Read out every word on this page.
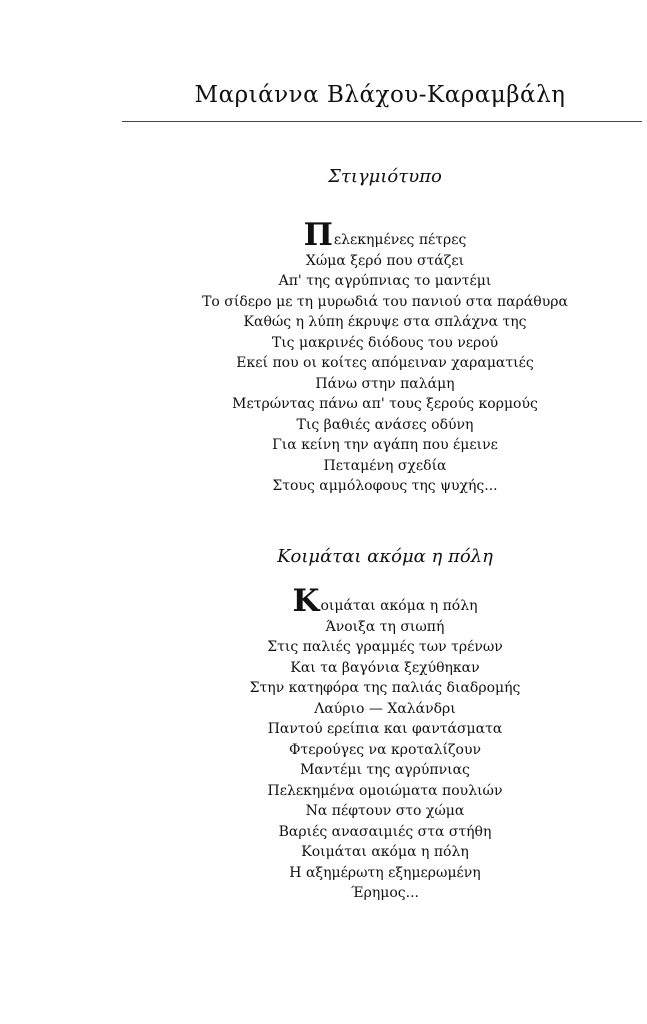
Μαριάννα Βλάχου-Καραμβάλη
Στιγμιότυπο
Πελεκημένες πέτρες
Χώμα ξερό που στάζει
Απ' της αγρύπνιας το μαντέμι
Το σίδερο με τη μυρωδιά του πανιού στα παράθυρα
Καθώς η λύπη έκρυψε στα σπλάχνα της
Τις μακρινές διόδους του νερού
Εκεί που οι κοίτες απόμειναν χαραματιές
Πάνω στην παλάμη
Μετρώντας πάνω απ' τους ξερούς κορμούς
Τις βαθιές ανάσες οδύνη
Για κείνη την αγάπη που έμεινε
Πεταμένη σχεδία
Στους αμμόλοφους της ψυχής...
Κοιμάται ακόμα η πόλη
Κοιμάται ακόμα η πόλη
Άνοιξα τη σιωπή
Στις παλιές γραμμές των τρένων
Και τα βαγόνια ξεχύθηκαν
Στην κατηφόρα της παλιάς διαδρομής
Λαύριο — Χαλάνδρι
Παντού ερείπια και φαντάσματα
Φτερούγες να κροταλίζουν
Μαντέμι της αγρύπνιας
Πελεκημένα ομοιώματα πουλιών
Να πέφτουν στο χώμα
Βαριές ανασαιμιές στα στήθη
Κοιμάται ακόμα η πόλη
Η αξημέρωτη εξημερωμένη
Έρημος...
